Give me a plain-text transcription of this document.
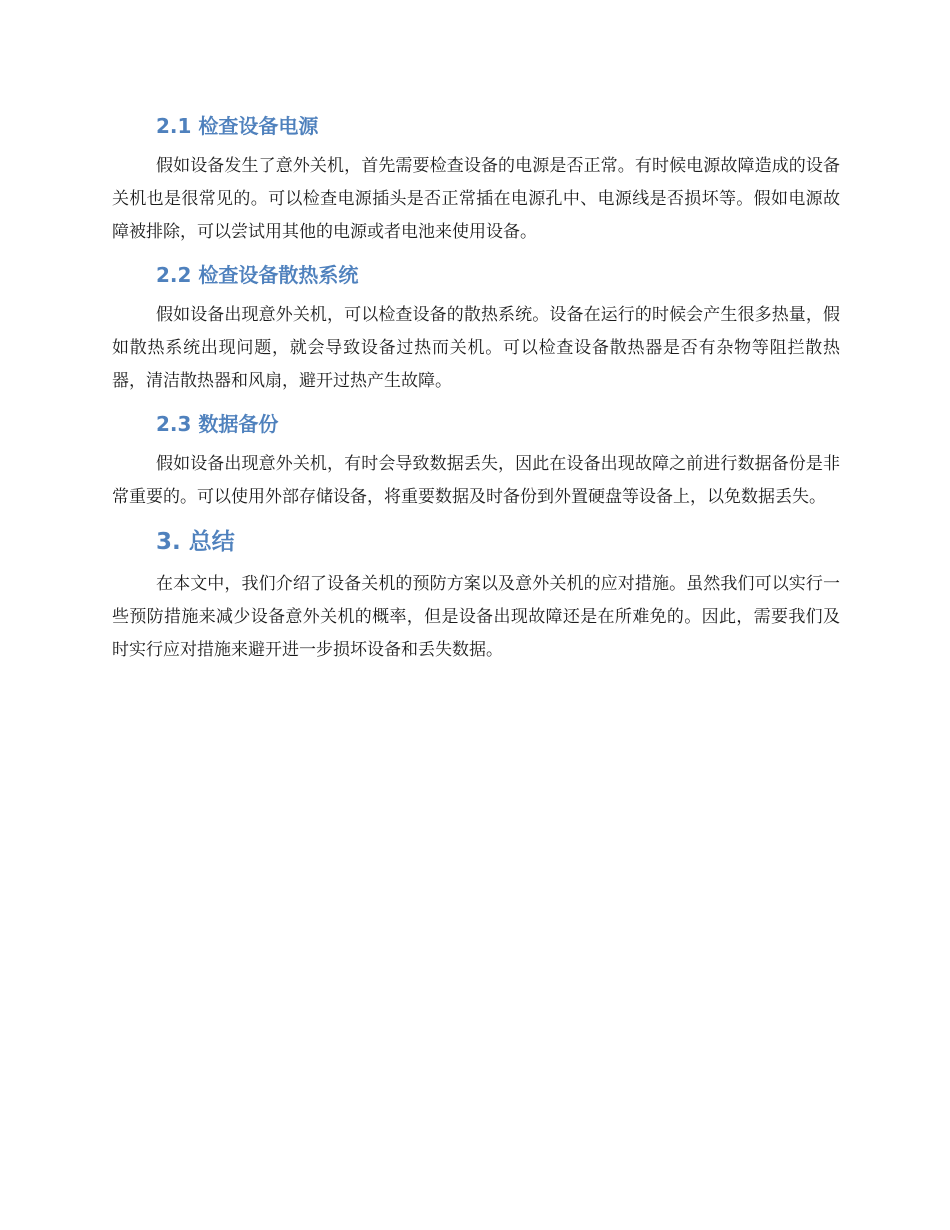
2.1 检查设备电源

假如设备发生了意外关机，首先需要检查设备的电源是否正常。有时候电源故障造成的设备关机也是很常见的。可以检查电源插头是否正常插在电源孔中、电源线是否损坏等。假如电源故障被排除，可以尝试用其他的电源或者电池来使用设备。

2.2 检查设备散热系统

假如设备出现意外关机，可以检查设备的散热系统。设备在运行的时候会产生很多热量，假如散热系统出现问题，就会导致设备过热而关机。可以检查设备散热器是否有杂物等阻拦散热器，清洁散热器和风扇，避开过热产生故障。

2.3 数据备份

假如设备出现意外关机，有时会导致数据丢失，因此在设备出现故障之前进行数据备份是非常重要的。可以使用外部存储设备，将重要数据及时备份到外置硬盘等设备上，以免数据丢失。

3. 总结

在本文中，我们介绍了设备关机的预防方案以及意外关机的应对措施。虽然我们可以实行一些预防措施来减少设备意外关机的概率，但是设备出现故障还是在所难免的。因此，需要我们及时实行应对措施来避开进一步损坏设备和丢失数据。
